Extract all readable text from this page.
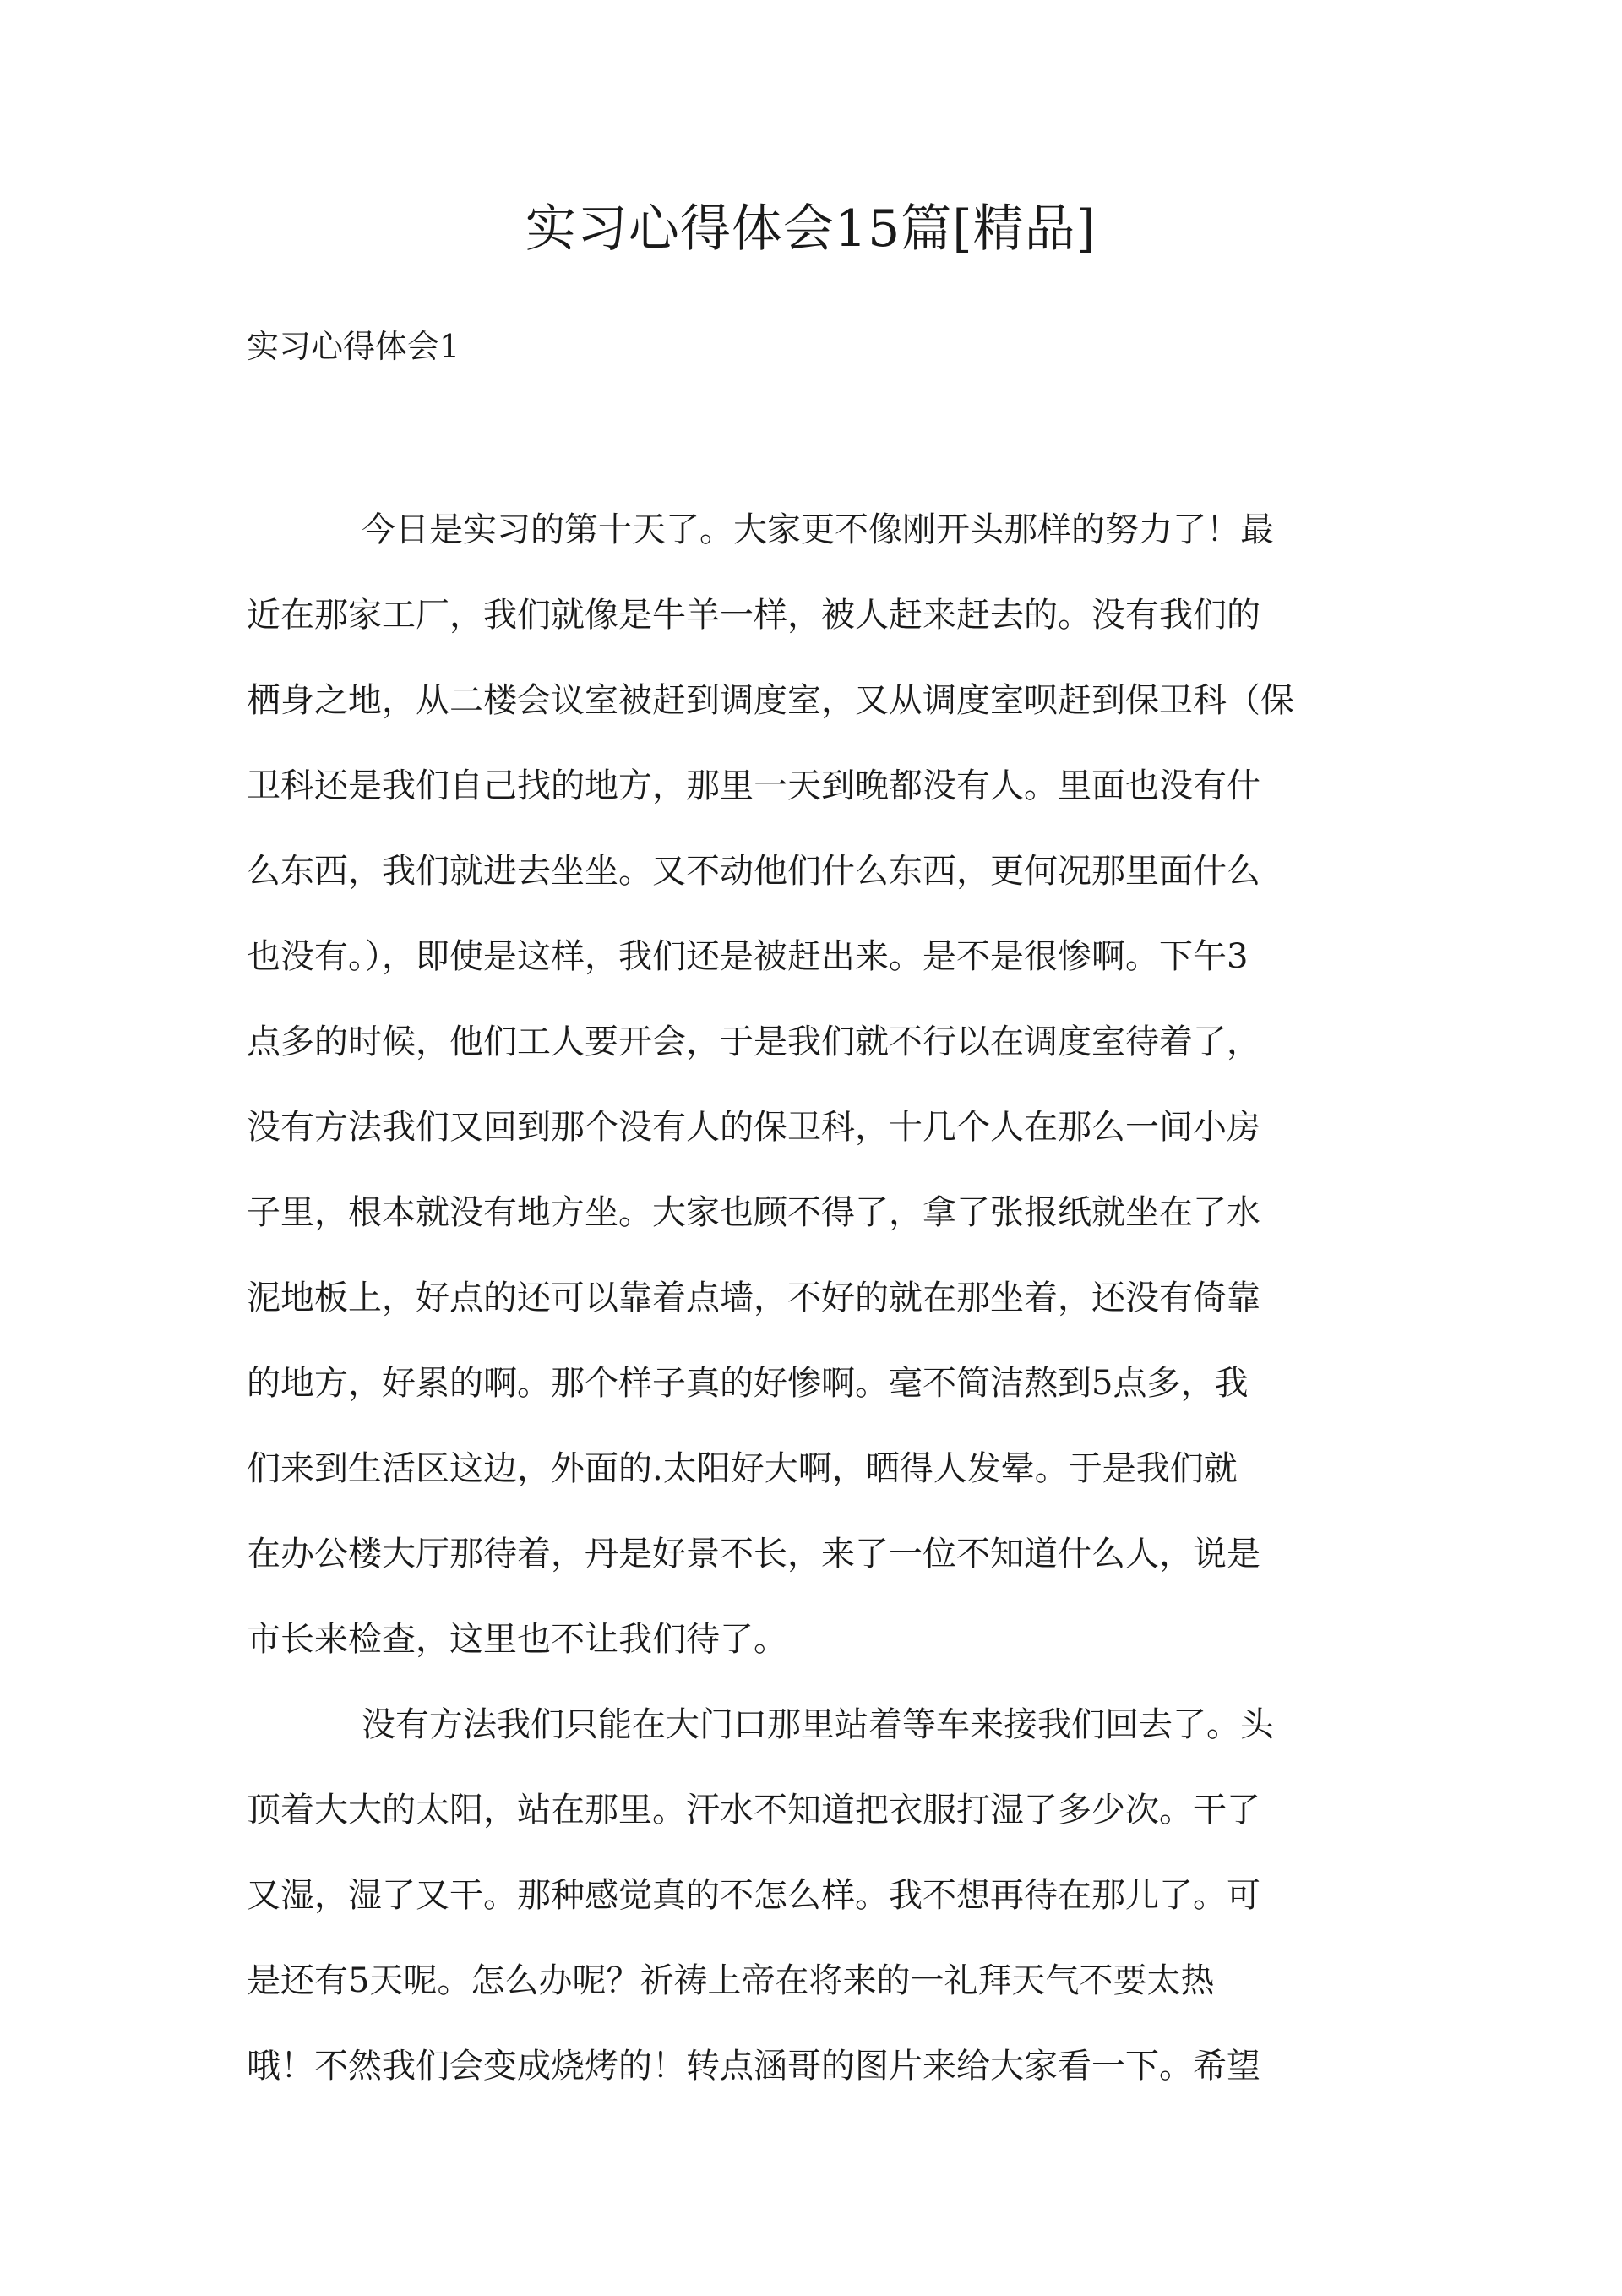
实习心得体会15篇[精品]
实习心得体会1

今日是实习的第十天了。大家更不像刚开头那样的努力了！最
近在那家工厂，我们就像是牛羊一样，被人赶来赶去的。没有我们的
栖身之地，从二楼会议室被赶到调度室，又从调度室呗赶到保卫科（保
卫科还是我们自己找的地方，那里一天到晚都没有人。里面也没有什
么东西，我们就进去坐坐。又不动他们什么东西，更何况那里面什么
也没有。），即使是这样，我们还是被赶出来。是不是很惨啊。下午3
点多的时候，他们工人要开会，于是我们就不行以在调度室待着了，
没有方法我们又回到那个没有人的保卫科，十几个人在那么一间小房
子里，根本就没有地方坐。大家也顾不得了，拿了张报纸就坐在了水
泥地板上，好点的还可以靠着点墙，不好的就在那坐着，还没有倚靠
的地方，好累的啊。那个样子真的好惨啊。毫不简洁熬到5点多，我
们来到生活区这边，外面的.太阳好大啊，晒得人发晕。于是我们就
在办公楼大厅那待着，丹是好景不长，来了一位不知道什么人，说是
市长来检查，这里也不让我们待了。

没有方法我们只能在大门口那里站着等车来接我们回去了。头
顶着大大的太阳，站在那里。汗水不知道把衣服打湿了多少次。干了
又湿，湿了又干。那种感觉真的不怎么样。我不想再待在那儿了。可
是还有5天呢。怎么办呢？祈祷上帝在将来的一礼拜天气不要太热
哦！不然我们会变成烧烤的！转点涵哥的图片来给大家看一下。希望
